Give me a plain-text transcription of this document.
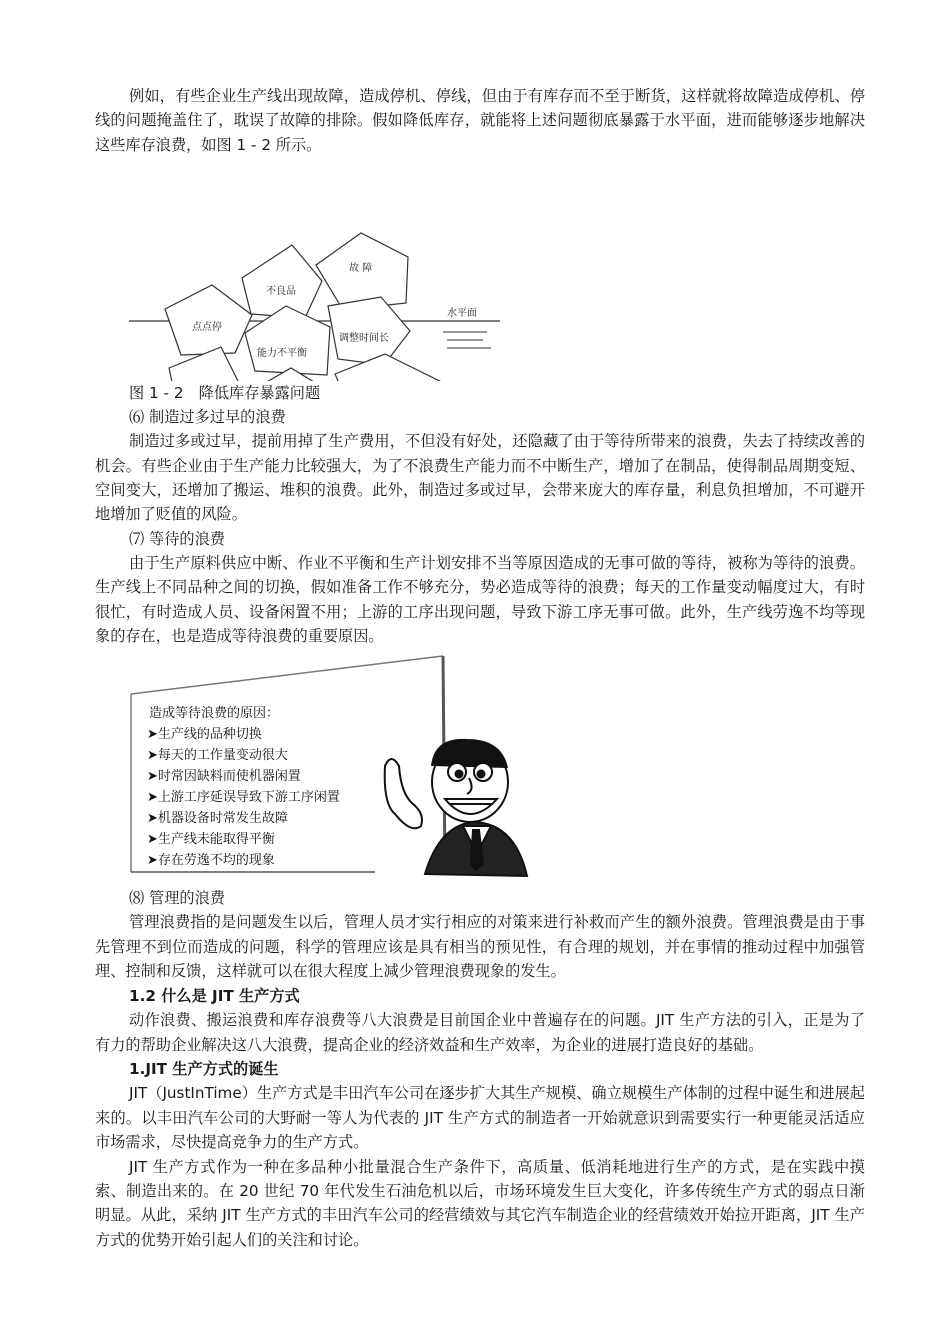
例如，有些企业生产线出现故障，造成停机、停线，但由于有库存而不至于断货，这样就将故障造成停机、停线的问题掩盖住了，耽误了故障的排除。假如降低库存，就能将上述问题彻底暴露于水平面，进而能够逐步地解决这些库存浪费，如图 1 - 2 所示。

故 障
不良品
点点停
水平面
能力不平衡
调整时间长

图 1 - 2　降低库存暴露问题

⑹ 制造过多过早的浪费

制造过多或过早，提前用掉了生产费用，不但没有好处，还隐藏了由于等待所带来的浪费，失去了持续改善的机会。有些企业由于生产能力比较强大，为了不浪费生产能力而不中断生产，增加了在制品，使得制品周期变短、空间变大，还增加了搬运、堆积的浪费。此外，制造过多或过早，会带来庞大的库存量，利息负担增加，不可避开地增加了贬值的风险。

⑺ 等待的浪费

由于生产原料供应中断、作业不平衡和生产计划安排不当等原因造成的无事可做的等待，被称为等待的浪费。生产线上不同品种之间的切换，假如准备工作不够充分，势必造成等待的浪费；每天的工作量变动幅度过大，有时很忙，有时造成人员、设备闲置不用；上游的工序出现问题，导致下游工序无事可做。此外，生产线劳逸不均等现象的存在，也是造成等待浪费的重要原因。

造成等待浪费的原因：
➤生产线的品种切换
➤每天的工作量变动很大
➤时常因缺料而使机器闲置
➤上游工序延误导致下游工序闲置
➤机器设备时常发生故障
➤生产线未能取得平衡
➤存在劳逸不均的现象

⑻ 管理的浪费

管理浪费指的是问题发生以后，管理人员才实行相应的对策来进行补救而产生的额外浪费。管理浪费是由于事先管理不到位而造成的问题，科学的管理应该是具有相当的预见性，有合理的规划，并在事情的推动过程中加强管理、控制和反馈，这样就可以在很大程度上减少管理浪费现象的发生。

1.2 什么是 JIT 生产方式

动作浪费、搬运浪费和库存浪费等八大浪费是目前国企业中普遍存在的问题。JIT 生产方法的引入，正是为了有力的帮助企业解决这八大浪费，提高企业的经济效益和生产效率，为企业的进展打造良好的基础。

1.JIT 生产方式的诞生

JIT（JustInTime）生产方式是丰田汽车公司在逐步扩大其生产规模、确立规模生产体制的过程中诞生和进展起来的。以丰田汽车公司的大野耐一等人为代表的 JIT 生产方式的制造者一开始就意识到需要实行一种更能灵活适应市场需求，尽快提高竞争力的生产方式。

JIT 生产方式作为一种在多品种小批量混合生产条件下，高质量、低消耗地进行生产的方式，是在实践中摸索、制造出来的。在 20 世纪 70 年代发生石油危机以后，市场环境发生巨大变化，许多传统生产方式的弱点日渐明显。从此，采纳 JIT 生产方式的丰田汽车公司的经营绩效与其它汽车制造企业的经营绩效开始拉开距离，JIT 生产方式的优势开始引起人们的关注和讨论。
